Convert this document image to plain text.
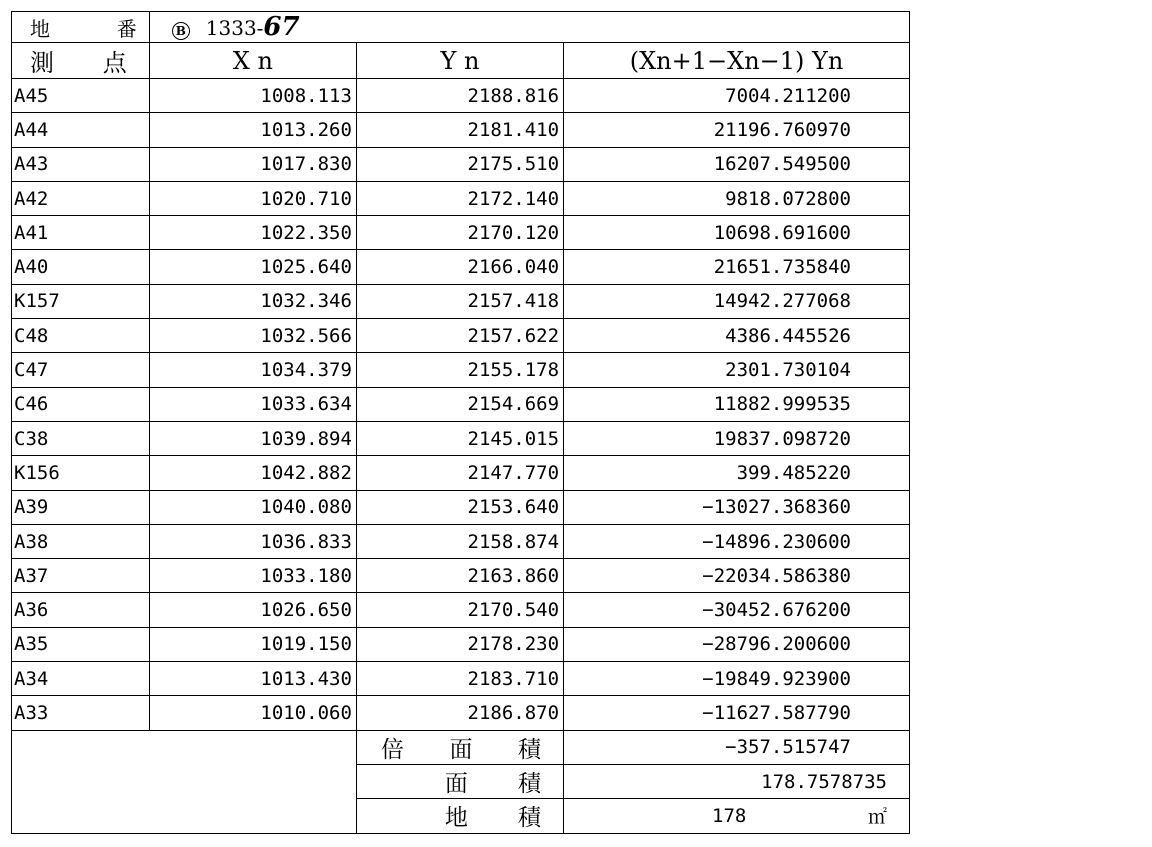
地 番	B 1333-67		

測 点	X n	Y n	(Xn+1−Xn−1) Yn
A45	1008.113	2188.816	7004.211200
A44	1013.260	2181.410	21196.760970
A43	1017.830	2175.510	16207.549500
A42	1020.710	2172.140	9818.072800
A41	1022.350	2170.120	10698.691600
A40	1025.640	2166.040	21651.735840
K157	1032.346	2157.418	14942.277068
C48	1032.566	2157.622	4386.445526
C47	1034.379	2155.178	2301.730104
C46	1033.634	2154.669	11882.999535
C38	1039.894	2145.015	19837.098720
K156	1042.882	2147.770	399.485220
A39	1040.080	2153.640	−13027.368360
A38	1036.833	2158.874	−14896.230600
A37	1033.180	2163.860	−22034.586380
A36	1026.650	2170.540	−30452.676200
A35	1019.150	2178.230	−28796.200600
A34	1013.430	2183.710	−19849.923900
A33	1010.060	2186.870	−11627.587790

		倍 面 積	−357.515747

		面 積	178.7578735

		地 積	178 ㎡
